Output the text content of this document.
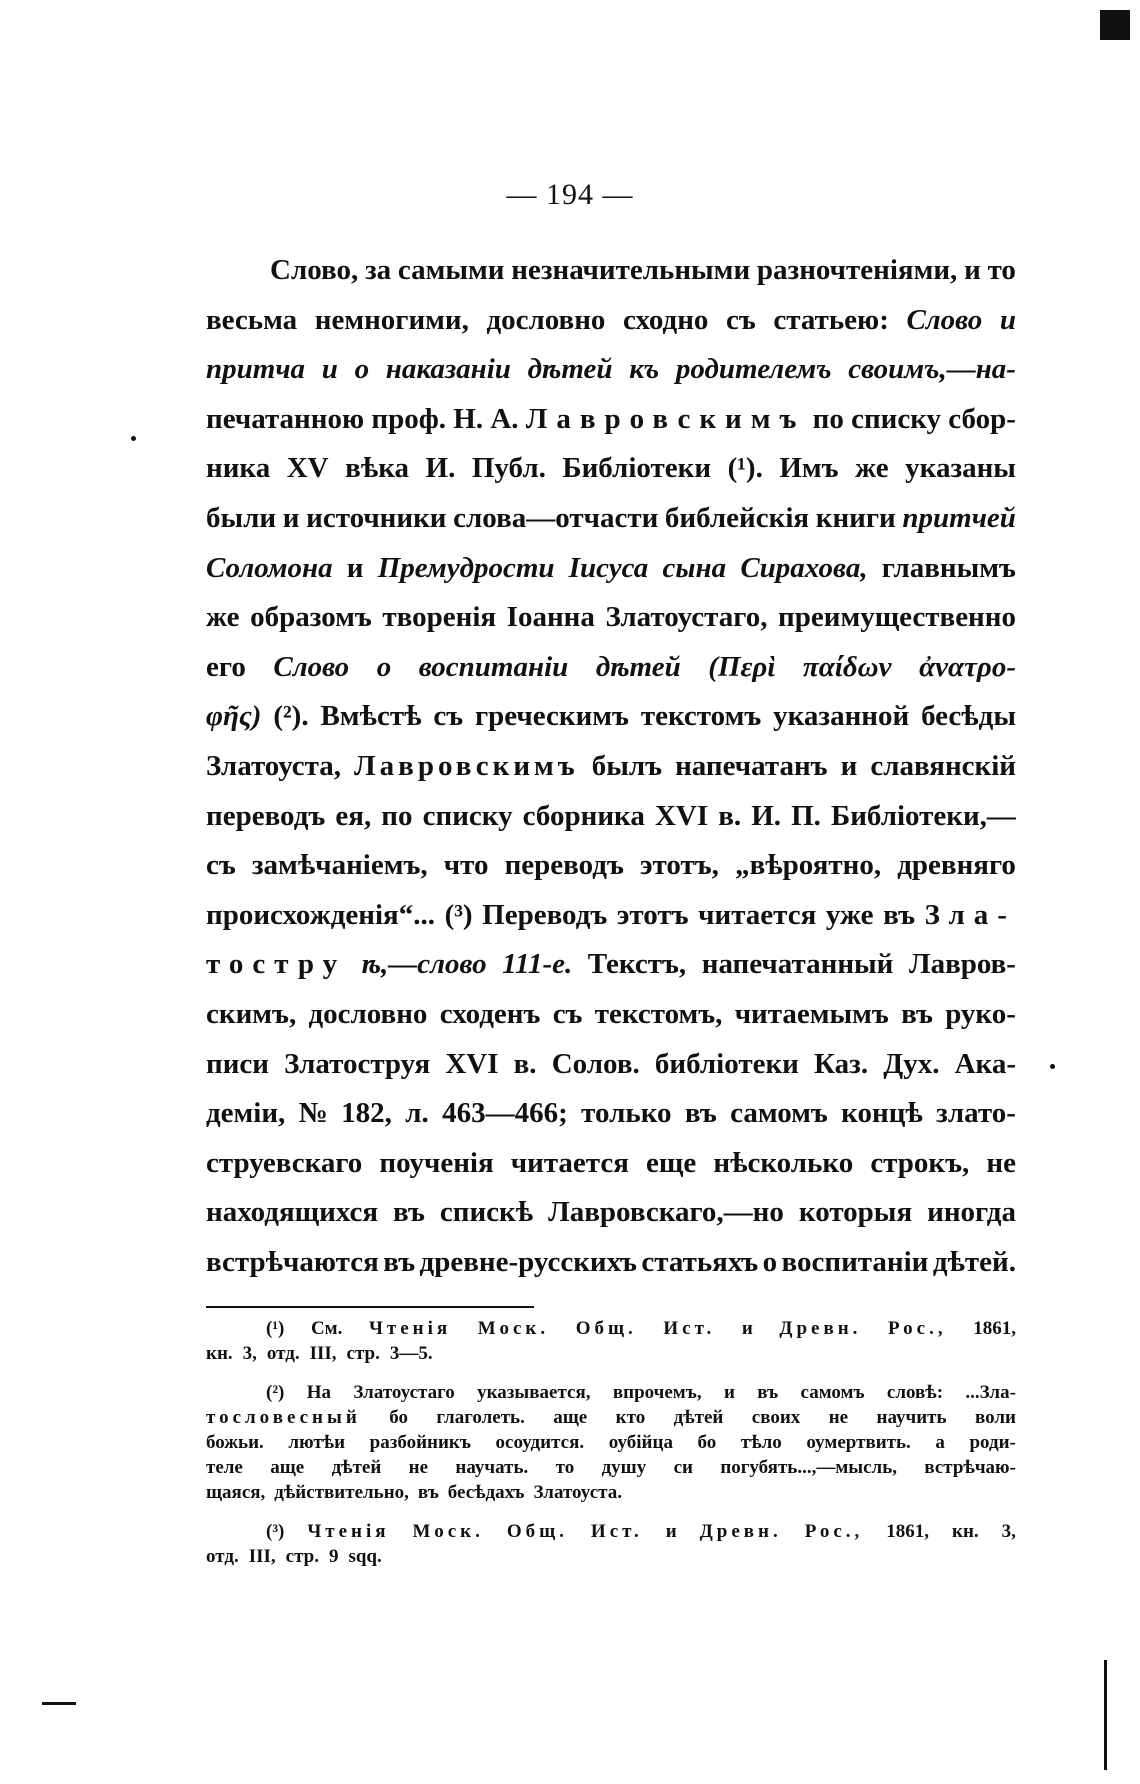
— 194 —
Слово, за самыми незначительными разночтеніями, и то
весьма немногими, дословно сходно съ статьею: Слово и
притча и о наказаніи дѣтей къ родителемъ своимъ,—на-
печатанною проф. Н. А. Лавровскимъ по списку сбор-
ника XV вѣка И. Публ. Библіотеки (¹). Имъ же указаны
были и источники слова—отчасти библейскія книги притчей
Соломона и Премудрости Іисуса сына Сирахова, главнымъ
же образомъ творенія Іоанна Златоустаго, преимущественно
его Слово о воспитаніи дѣтей (Περὶ παίδων ἀνατρο-
φῆς) (²). Вмѣстѣ съ греческимъ текстомъ указанной бесѣды
Златоуста, Лавровскимъ былъ напечатанъ и славянскій
переводъ ея, по списку сборника XVI в. И. П. Библіотеки,—
съ замѣчаніемъ, что переводъ этотъ, „вѣроятно, древняго
происхожденія“... (³) Переводъ этотъ читается уже въ Зла-
тостру ѣ,—слово 111-е. Текстъ, напечатанный Лавров-
скимъ, дословно сходенъ съ текстомъ, читаемымъ въ руко-
писи Златоструя XVI в. Солов. библіотеки Каз. Дух. Ака-
деміи, № 182, л. 463—466; только въ самомъ концѣ злато-
струевскаго поученія читается еще нѣсколько строкъ, не
находящихся въ спискѣ Лавровскаго,—но которыя иногда
встрѣчаются въ древне-русскихъ статьяхъ о воспитаніи дѣтей.
(¹) См. Чтенія Моск. Общ. Ист. и Древн. Рос., 1861,
кн. 3, отд. III, стр. 3—5.
(²) На Златоустаго указывается, впрочемъ, и въ самомъ словѣ: ...Зла-
тословесный бо глаголеть. аще кто дѣтей своих не научить воли
божьи. лютѣи разбойникъ осоудится. оубійца бо тѣло оумертвить. а роди-
теле аще дѣтей не научать. то душу си погубять...,—мысль, встрѣчаю-
щаяся, дѣйствительно, въ бесѣдахъ Златоуста.
(³) Чтенія Моск. Общ. Ист. и Древн. Рос., 1861, кн. 3,
отд. III, стр. 9 sqq.
